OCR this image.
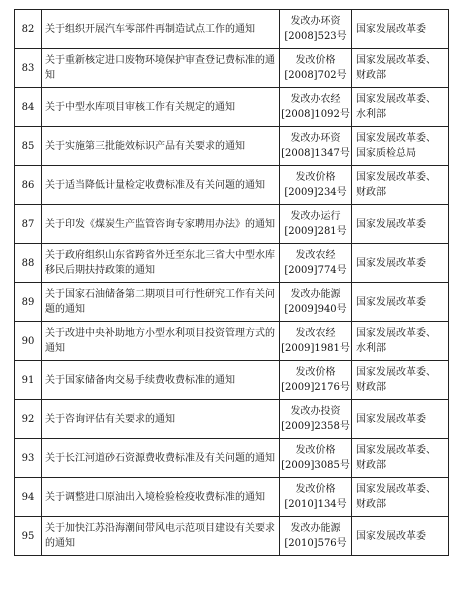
82	关于组织开展汽车零部件再制造试点工作的通知	发改办环资
[2008]523号	国家发展改革委

83	关于重新核定进口废物环境保护审查登记费标准的通知	发改价格
[2008]702号	国家发展改革委、
财政部

84	关于中型水库项目审核工作有关规定的通知	发改办农经
[2008]1092号	国家发展改革委、
水利部

85	关于实施第三批能效标识产品有关要求的通知	发改办环资
[2008]1347号	国家发展改革委、
国家质检总局

86	关于适当降低计量检定收费标准及有关问题的通知	发改价格
[2009]234号	国家发展改革委、
财政部

87	关于印发《煤炭生产监管咨询专家聘用办法》的通知	发改办运行
[2009]281号	国家发展改革委

88	关于政府组织山东省跨省外迁至东北三省大中型水库移民后期扶持政策的通知	发改农经
[2009]774号	国家发展改革委

89	关于国家石油储备第二期项目可行性研究工作有关问题的通知	发改办能源
[2009]940号	国家发展改革委

90	关于改进中央补助地方小型水利项目投资管理方式的通知	发改农经
[2009]1981号	国家发展改革委、
水利部

91	关于国家储备肉交易手续费收费标准的通知	发改价格
[2009]2176号	国家发展改革委、
财政部

92	关于咨询评估有关要求的通知	发改办投资
[2009]2358号	国家发展改革委

93	关于长江河道砂石资源费收费标准及有关问题的通知	发改价格
[2009]3085号	国家发展改革委、
财政部

94	关于调整进口原油出入境检验检疫收费标准的通知	发改价格
[2010]134号	国家发展改革委、
财政部

95	关于加快江苏沿海潮间带风电示范项目建设有关要求的通知	发改办能源
[2010]576号	国家发展改革委
